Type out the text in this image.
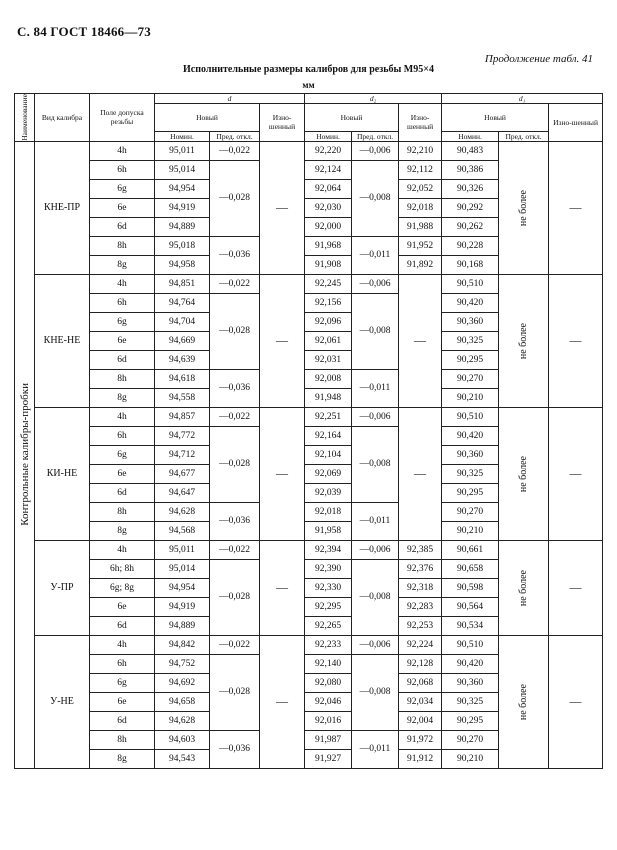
С. 84 ГОСТ 18466—73
Продолжение табл. 41
Исполнительные размеры калибров для резьбы М95×4
мм
Наименование	Вид калибра	Поле допуска резьбы	d			d₂			d₁		
			Новый		Изно-шенный	Новый		Изно-шенный	Новый		Изно-шенный
			Номин.	Пред. откл.		Номин.	Пред. откл.		Номин.	Пред. откл.	

Контрольные калибры-пробки	КНЕ-ПР	4h	95,011	—0,022	—	92,220	—0,006	92,210	90,483	не более	—
		6h	95,014	—0,028		92,124	—0,008	92,112	90,386		
		6g	94,954			92,064		92,052	90,326		
		6e	94,919			92,030		92,018	90,292		
		6d	94,889			92,000		91,988	90,262		
		8h	95,018	—0,036		91,968	—0,011	91,952	90,228		
		8g	94,958			91,908		91,892	90,168		
	КНЕ-НЕ	4h	94,851	—0,022	—	92,245	—0,006	—	90,510	не более	—
		6h	94,764	—0,028		92,156	—0,008		90,420		
		6g	94,704			92,096			90,360		
		6e	94,669			92,061			90,325		
		6d	94,639			92,031			90,295		
		8h	94,618	—0,036		92,008	—0,011		90,270		
		8g	94,558			91,948			90,210		
	КИ-НЕ	4h	94,857	—0,022	—	92,251	—0,006	—	90,510	не более	—
		6h	94,772	—0,028		92,164	—0,008		90,420		
		6g	94,712			92,104			90,360		
		6e	94,677			92,069			90,325		
		6d	94,647			92,039			90,295		
		8h	94,628	—0,036		92,018	—0,011		90,270		
		8g	94,568			91,958			90,210		
	У-ПР	4h	95,011	—0,022	—	92,394	—0,006	92,385	90,661	не более	—
		6h; 8h	95,014	—0,028		92,390	—0,008	92,376	90,658		
		6g; 8g	94,954			92,330		92,318	90,598		
		6e	94,919			92,295		92,283	90,564		
		6d	94,889			92,265		92,253	90,534		
	У-НЕ	4h	94,842	—0,022	—	92,233	—0,006	92,224	90,510	не более	—
		6h	94,752	—0,028		92,140	—0,008	92,128	90,420		
		6g	94,692			92,080		92,068	90,360		
		6e	94,658			92,046		92,034	90,325		
		6d	94,628			92,016		92,004	90,295		
		8h	94,603	—0,036		91,987	—0,011	91,972	90,270		
		8g	94,543			91,927		91,912	90,210		
